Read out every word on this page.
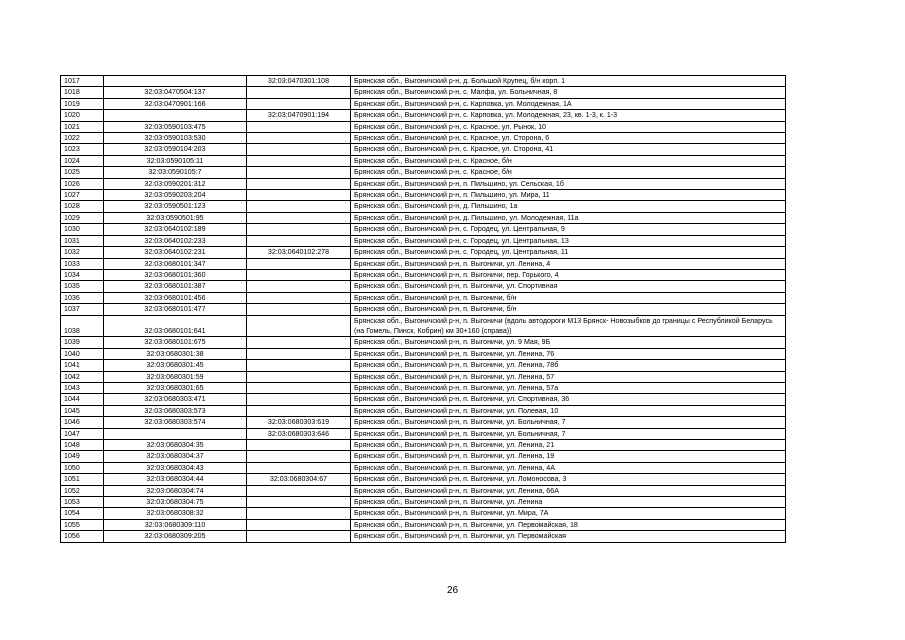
1017		32:03:0470301:108	Брянская обл., Выгоничский р-н, д. Большой Крупец, б/н корп. 1
1018	32:03:0470504:137		Брянская обл., Выгоничский р-н, с. Малфа, ул. Больничная, 8
1019	32:03:0470901:166		Брянская обл., Выгоничский р-н, с. Карповка, ул. Молодежная, 1А
1020		32:03:0470901:194	Брянская обл., Выгоничский р-н, с. Карповка, ул. Молодежная, 23, кв. 1-3, к. 1-3
1021	32:03:0590103:475		Брянская обл., Выгоничский р-н, с. Красное, ул. Рынок, 10
1022	32:03:0590103:530		Брянская обл., Выгоничский р-н, с. Красное, ул. Сторона, 6
1023	32:03:0590104:203		Брянская обл., Выгоничский р-н, с. Красное, ул. Сторона, 41
1024	32:03:0590105:11		Брянская обл., Выгоничский р-н, с. Красное, б/н
1025	32:03:0590105:7		Брянская обл., Выгоничский р-н, с. Красное, б/н
1026	32:03:0590201:312		Брянская обл., Выгоничский р-н, п. Пильшино, ул. Сельская, 1б
1027	32:03:0590203:204		Брянская обл., Выгоничский р-н, п. Пильшино, ул. Мира, 11
1028	32:03:0590501:123		Брянская обл., Выгоничский р-н, д. Пильшино, 1а
1029	32:03:0590501:95		Брянская обл., Выгоничский р-н, д. Пильшино, ул. Молодежная, 11а
1030	32:03:0640102:189		Брянская обл., Выгоничский р-н, с. Городец, ул. Центральная, 9
1031	32:03:0640102:233		Брянская обл., Выгоничский р-н, с. Городец, ул. Центральная, 13
1032	32:03:0640102:231	32:03:0640102:278	Брянская обл., Выгоничский р-н, с. Городец, ул. Центральная, 11
1033	32:03:0680101:347		Брянская обл., Выгоничский р-н, п. Выгоничи, ул. Ленина, 4
1034	32:03:0680101:360		Брянская обл., Выгоничский р-н, п. Выгоничи, пер. Горького, 4
1035	32:03:0680101:387		Брянская обл., Выгоничский р-н, п. Выгоничи, ул. Спортивная
1036	32:03:0680101:456		Брянская обл., Выгоничский р-н, п. Выгоничи, б/н
1037	32:03:0680101:477		Брянская обл., Выгоничский р-н, п. Выгоничи, б/н
1038	32:03:0680101:641		Брянская обл., Выгоничский р-н, п. Выгоничи (вдоль автодороги М13 Брянск- Новозыбков до границы с Республикой Беларусь (на Гомель, Пинск, Кобрин) км 30+160 (справа))
1039	32:03:0680101:675		Брянская обл., Выгоничский р-н, п. Выгоничи, ул. 9 Мая, 9Б
1040	32:03:0680301:38		Брянская обл., Выгоничский р-н, п. Выгоничи, ул. Ленина, 76
1041	32:03:0680301:45		Брянская обл., Выгоничский р-н, п. Выгоничи, ул. Ленина, 78б
1042	32:03:0680301:59		Брянская обл., Выгоничский р-н, п. Выгоничи, ул. Ленина, 57
1043	32:03:0680301:65		Брянская обл., Выгоничский р-н, п. Выгоничи, ул. Ленина, 57а
1044	32:03:0680303:471		Брянская обл., Выгоничский р-н, п. Выгоничи, ул. Спортивная, 36
1045	32:03:0680303:573		Брянская обл., Выгоничский р-н, п. Выгоничи, ул. Полевая, 10
1046	32:03:0680303:574	32:03:0680303:619	Брянская обл., Выгоничский р-н, п. Выгоничи, ул. Больничная, 7
1047		32:03:0680303:646	Брянская обл., Выгоничский р-н, п. Выгоничи, ул. Больничная, 7
1048	32:03:0680304:35		Брянская обл., Выгоничский р-н, п. Выгоничи, ул. Ленина, 21
1049	32:03:0680304:37		Брянская обл., Выгоничский р-н, п. Выгоничи, ул. Ленина, 19
1050	32:03:0680304:43		Брянская обл., Выгоничский р-н, п. Выгоничи, ул. Ленина, 4А
1051	32:03:0680304:44	32:03:0680304:67	Брянская обл., Выгоничский р-н, п. Выгоничи, ул. Ломоносова, 3
1052	32:03:0680304:74		Брянская обл., Выгоничский р-н, п. Выгоничи, ул. Ленина, 66А
1053	32:03:0680304:75		Брянская обл., Выгоничский р-н, п. Выгоничи, ул. Ленина
1054	32:03:0680308:32		Брянская обл., Выгоничский р-н, п. Выгоничи, ул. Мира, 7А
1055	32:03:0680309:110		Брянская обл., Выгоничский р-н, п. Выгоничи, ул. Первомайская, 18
1056	32:03:0680309:205		Брянская обл., Выгоничский р-н, п. Выгоничи, ул. Первомайская
26
